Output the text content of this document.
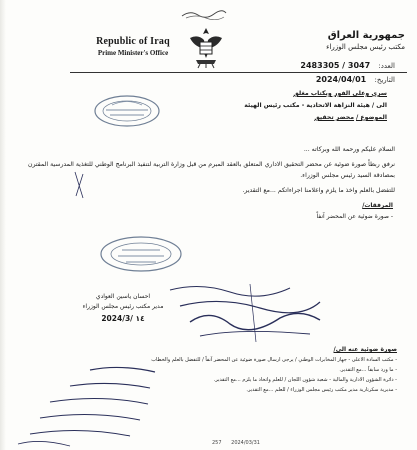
Republic of Iraq
Prime Minister's Office
جمهورية العراق
مكتب رئيس مجلس الوزراء
العدد: 2483305 / 3047
التاريخ: 2024/04/01
سري وعلى الفور وبكتاب مغلق
الى / هيئة النزاهة الاتحادية - مكتب رئيس الهيئة
الموضوع / محضر تحقيق

السلام عليكم ورحمة الله وبركاته ...

نرفق ربطاً صورة ضوئية عن محضر التحقيق الاداري المتعلق بالعقد المبرم من قبل وزارة التربية لتنفيذ البرنامج الوطني للتغذية المدرسية المقترن بمصادقة السيد رئيس مجلس الوزراء.

للتفضل بالعلم واخذ ما يلزم واعلامنا اجراءاتكم ...مع التقدير.

المرفقات/
- صورة ضوئية عن المحضر آنفاً
احسان ياسين العوادي
مدير مكتب رئيس مجلس الوزراء
2024/3/ ١٤
صورة ضوئية عنه الى/
- مكتب السادة الاعلى - جهاز المخابرات الوطني / يرجى ارسال صورة ضوئية عن المحضر آنفاً / للتفضل بالعلم والخطاب
- ما ورد سابقاً ...مع التقدير.
- دائرة الشؤون الادارية والمالية - شعبة شؤون اللجان / للعلم واتخاذ ما يلزم ...مع التقدير.
- مديرية سكرتارية مدير مكتب رئيس مجلس الوزراء / للعلم ...مع التقدير.
257 2024/03/31
